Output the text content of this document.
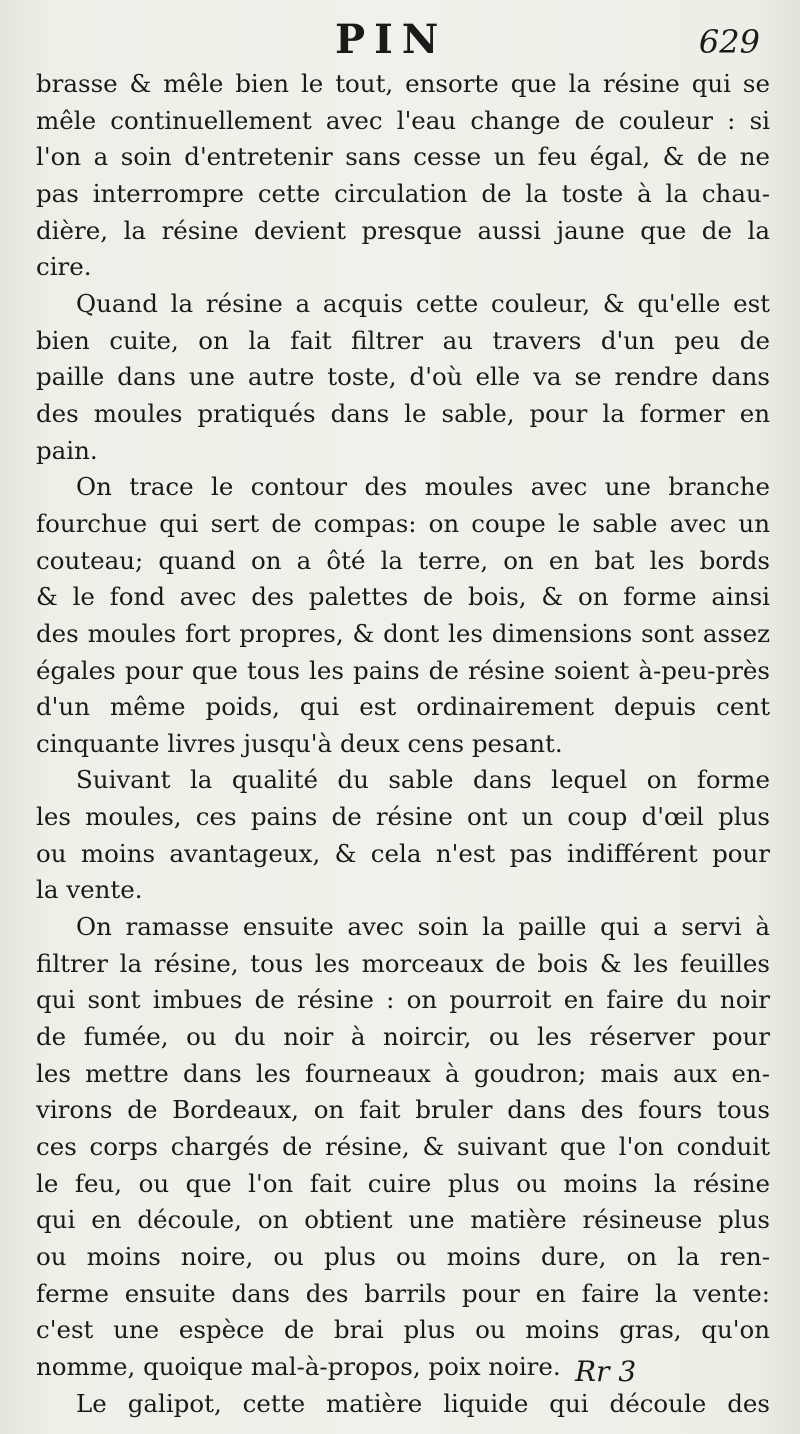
PIN	629
brasse & mêle bien le tout, ensorte que la résine qui se
mêle continuellement avec l'eau change de couleur : si
l'on a soin d'entretenir sans cesse un feu égal, & de ne
pas interrompre cette circulation de la toste à la chau-
dière, la résine devient presque aussi jaune que de la
cire.
Quand la résine a acquis cette couleur, & qu'elle est
bien cuite, on la fait filtrer au travers d'un peu de
paille dans une autre toste, d'où elle va se rendre dans
des moules pratiqués dans le sable, pour la former en
pain.
On trace le contour des moules avec une branche
fourchue qui sert de compas: on coupe le sable avec un
couteau; quand on a ôté la terre, on en bat les bords
& le fond avec des palettes de bois, & on forme ainsi
des moules fort propres, & dont les dimensions sont assez
égales pour que tous les pains de résine soient à-peu-près
d'un même poids, qui est ordinairement depuis cent
cinquante livres jusqu'à deux cens pesant.
Suivant la qualité du sable dans lequel on forme
les moules, ces pains de résine ont un coup d'œil plus
ou moins avantageux, & cela n'est pas indifférent pour
la vente.
On ramasse ensuite avec soin la paille qui a servi à
filtrer la résine, tous les morceaux de bois & les feuilles
qui sont imbues de résine : on pourroit en faire du noir
de fumée, ou du noir à noircir, ou les réserver pour
les mettre dans les fourneaux à goudron; mais aux en-
virons de Bordeaux, on fait bruler dans des fours tous
ces corps chargés de résine, & suivant que l'on conduit
le feu, ou que l'on fait cuire plus ou moins la résine
qui en découle, on obtient une matière résineuse plus
ou moins noire, ou plus ou moins dure, on la ren-
ferme ensuite dans des barrils pour en faire la vente:
c'est une espèce de brai plus ou moins gras, qu'on
nomme, quoique mal-à-propos, poix noire.
Le galipot, cette matière liquide qui découle des
Rr 3
